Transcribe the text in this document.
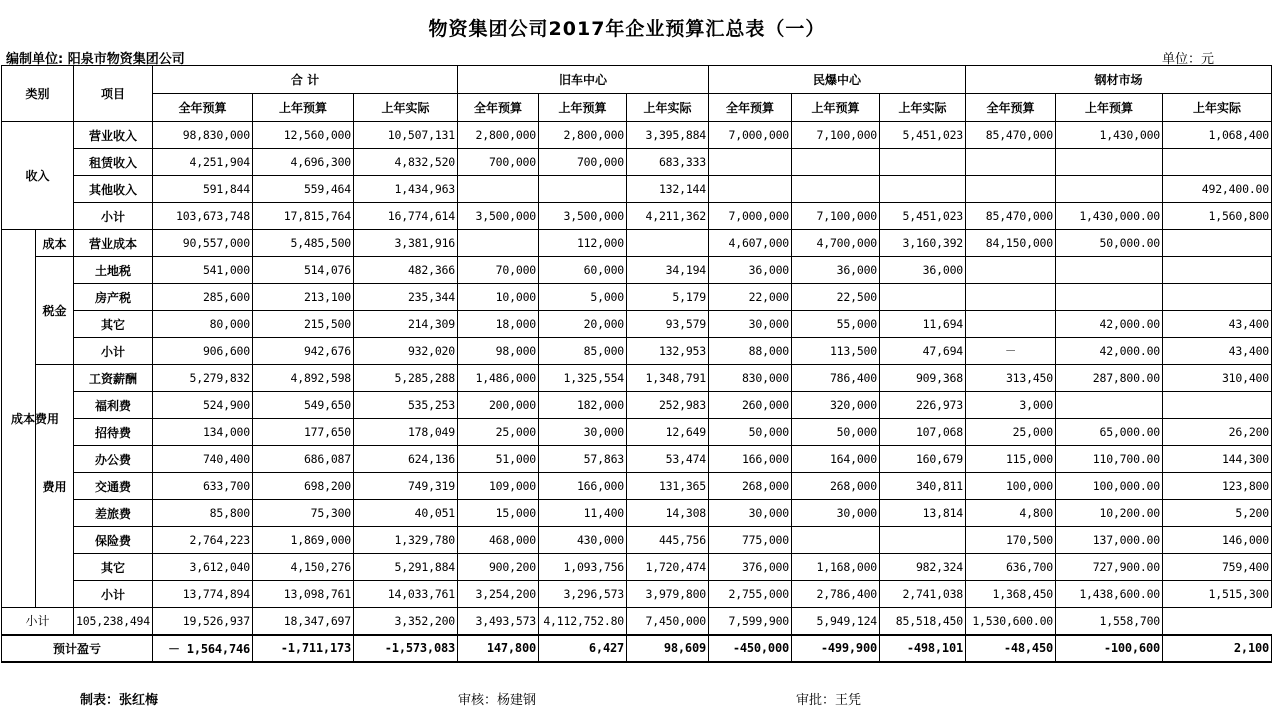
物资集团公司2017年企业预算汇总表（一）
编制单位: 阳泉市物资集团公司	单位：元
类别		项目	合 计			旧车中心			民爆中心			钢材市场		
			全年预算	上年预算	上年实际	全年预算	上年预算	上年实际	全年预算	上年预算	上年实际	全年预算	上年预算	上年实际
收入		营业收入	98,830,000	12,560,000	10,507,131	2,800,000	2,800,000	3,395,884	7,000,000	7,100,000	5,451,023	85,470,000	1,430,000	1,068,400
		租赁收入	4,251,904	4,696,300	4,832,520	700,000	700,000	683,333						
		其他收入	591,844	559,464	1,434,963			132,144						492,400.00
		小计	103,673,748	17,815,764	16,774,614	3,500,000	3,500,000	4,211,362	7,000,000	7,100,000	5,451,023	85,470,000	1,430,000.00	1,560,800
成本费用	成本	营业成本	90,557,000	5,485,500	3,381,916		112,000		4,607,000	4,700,000	3,160,392	84,150,000	50,000.00	
	税金	土地税	541,000	514,076	482,366	70,000	60,000	34,194	36,000	36,000	36,000			
		房产税	285,600	213,100	235,344	10,000	5,000	5,179	22,000	22,500				
		其它	80,000	215,500	214,309	18,000	20,000	93,579	30,000	55,000	11,694		42,000.00	43,400
		小计	906,600	942,676	932,020	98,000	85,000	132,953	88,000	113,500	47,694	－	42,000.00	43,400
	费用	工资薪酬	5,279,832	4,892,598	5,285,288	1,486,000	1,325,554	1,348,791	830,000	786,400	909,368	313,450	287,800.00	310,400
		福利费	524,900	549,650	535,253	200,000	182,000	252,983	260,000	320,000	226,973	3,000		
		招待费	134,000	177,650	178,049	25,000	30,000	12,649	50,000	50,000	107,068	25,000	65,000.00	26,200
		办公费	740,400	686,087	624,136	51,000	57,863	53,474	166,000	164,000	160,679	115,000	110,700.00	144,300
		交通费	633,700	698,200	749,319	109,000	166,000	131,365	268,000	268,000	340,811	100,000	100,000.00	123,800
		差旅费	85,800	75,300	40,051	15,000	11,400	14,308	30,000	30,000	13,814	4,800	10,200.00	5,200
		保险费	2,764,223	1,869,000	1,329,780	468,000	430,000	445,756	775,000			170,500	137,000.00	146,000
		其它	3,612,040	4,150,276	5,291,884	900,200	1,093,756	1,720,474	376,000	1,168,000	982,324	636,700	727,900.00	759,400
		小计	13,774,894	13,098,761	14,033,761	3,254,200	3,296,573	3,979,800	2,755,000	2,786,400	2,741,038	1,368,450	1,438,600.00	1,515,300
小计		105,238,494	19,526,937	18,347,697	3,352,200	3,493,573	4,112,752.80	7,450,000	7,599,900	5,949,124	85,518,450	1,530,600.00	1,558,700	
预计盈亏			－ 1,564,746	-1,711,173	-1,573,083	147,800	6,427	98,609	-450,000	-499,900	-498,101	-48,450	-100,600	2,100
制表：张红梅	审核：杨建钢	审批：王凭
